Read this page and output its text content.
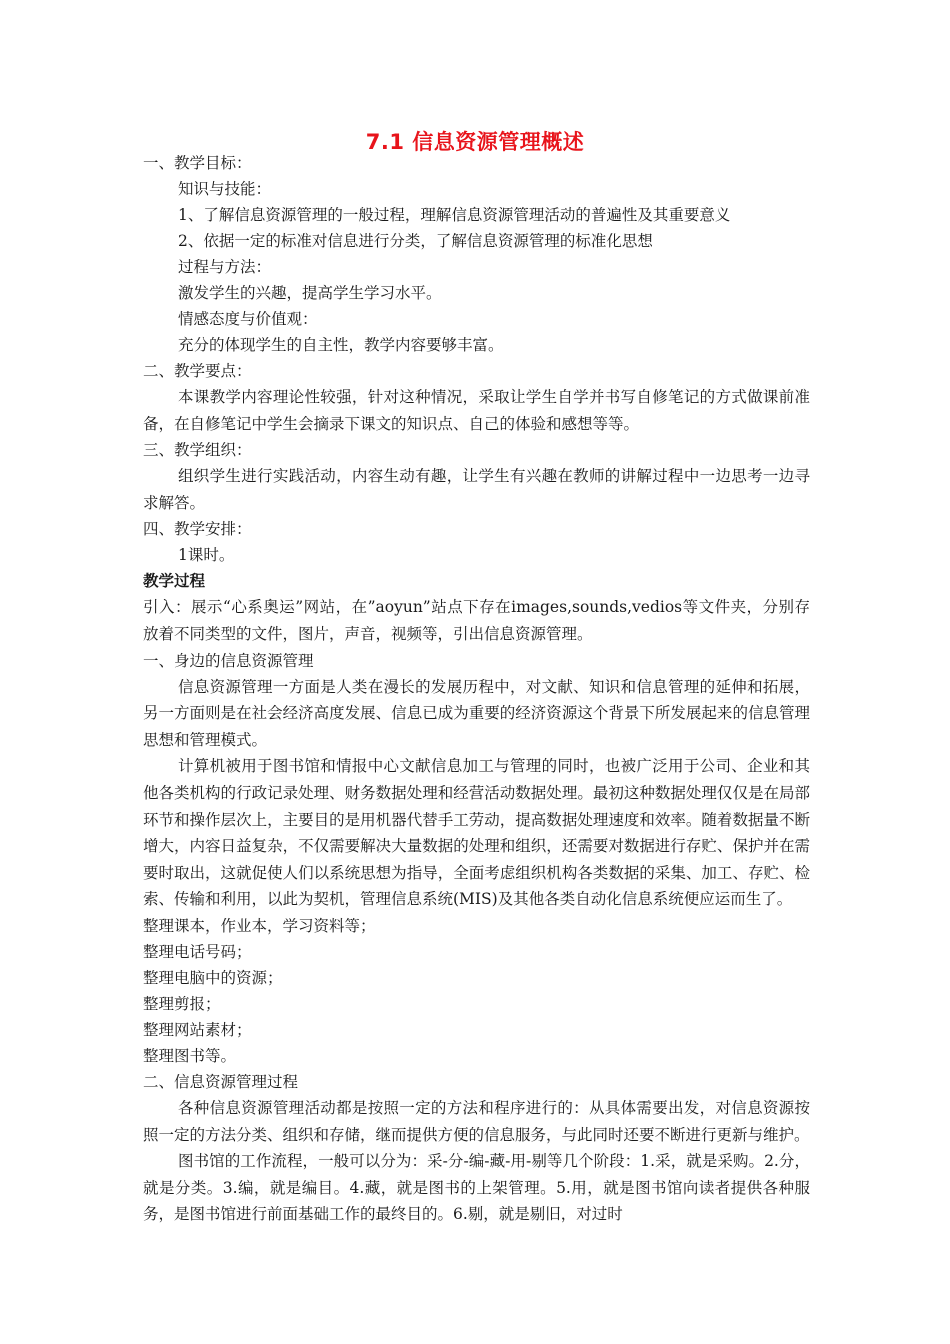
7.1 信息资源管理概述
一、教学目标：
知识与技能：
1、了解信息资源管理的一般过程，理解信息资源管理活动的普遍性及其重要意义
2、依据一定的标准对信息进行分类，了解信息资源管理的标准化思想
过程与方法：
激发学生的兴趣，提高学生学习水平。
情感态度与价值观：
充分的体现学生的自主性，教学内容要够丰富。
二、教学要点：
本课教学内容理论性较强，针对这种情况，采取让学生自学并书写自修笔记的方式做课前准备，在自修笔记中学生会摘录下课文的知识点、自己的体验和感想等等。
三、教学组织：
组织学生进行实践活动，内容生动有趣，让学生有兴趣在教师的讲解过程中一边思考一边寻求解答。
四、教学安排：
1课时。
教学过程
引入：展示“心系奥运”网站，在”aoyun”站点下存在images,sounds,vedios等文件夹，分别存放着不同类型的文件，图片，声音，视频等，引出信息资源管理。
一、身边的信息资源管理
信息资源管理一方面是人类在漫长的发展历程中，对文献、知识和信息管理的延伸和拓展，另一方面则是在社会经济高度发展、信息已成为重要的经济资源这个背景下所发展起来的信息管理思想和管理模式。
计算机被用于图书馆和情报中心文献信息加工与管理的同时，也被广泛用于公司、企业和其他各类机构的行政记录处理、财务数据处理和经营活动数据处理。最初这种数据处理仅仅是在局部环节和操作层次上，主要目的是用机器代替手工劳动，提高数据处理速度和效率。随着数据量不断增大，内容日益复杂，不仅需要解决大量数据的处理和组织，还需要对数据进行存贮、保护并在需要时取出，这就促使人们以系统思想为指导，全面考虑组织机构各类数据的采集、加工、存贮、检索、传输和利用，以此为契机，管理信息系统(MIS)及其他各类自动化信息系统便应运而生了。
整理课本，作业本，学习资料等；
整理电话号码；
整理电脑中的资源；
整理剪报；
整理网站素材；
整理图书等。
二、信息资源管理过程
各种信息资源管理活动都是按照一定的方法和程序进行的：从具体需要出发，对信息资源按照一定的方法分类、组织和存储，继而提供方便的信息服务，与此同时还要不断进行更新与维护。
图书馆的工作流程，一般可以分为：采-分-编-藏-用-剔等几个阶段：1.采，就是采购。2.分，就是分类。3.编，就是编目。4.藏，就是图书的上架管理。5.用，就是图书馆向读者提供各种服务，是图书馆进行前面基础工作的最终目的。6.剔，就是剔旧，对过时
